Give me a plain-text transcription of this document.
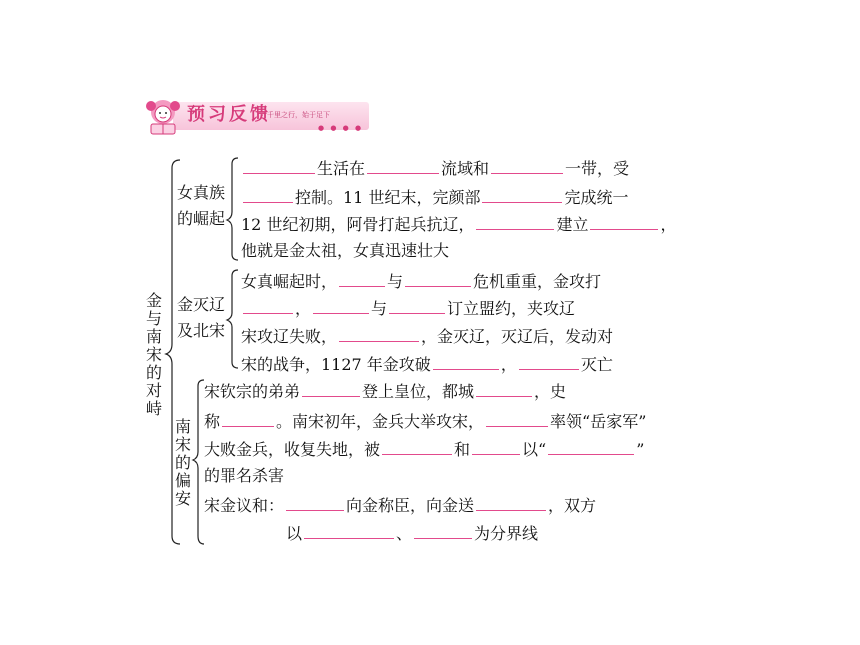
预习反馈
千里之行，始于足下
● ● ● ●
金与南宋的对峙
女真族
的崛起
金灭辽
及北宋
南宋的偏安
生活在	流域和	一带，受
控制。11 世纪末，完颜部	完成统一
12 世纪初期，阿骨打起兵抗辽，	建立	，
他就是金太祖，女真迅速壮大
女真崛起时，	与	危机重重，金攻打
，	与	订立盟约，夹攻辽
宋攻辽失败，	，金灭辽，灭辽后，发动对
宋的战争，1127 年金攻破	，	灭亡
宋钦宗的弟弟	登上皇位，都城	，史
称	。南宋初年，金兵大举攻宋，	率领“岳家军”
大败金兵，收复失地，被	和	以“	”
的罪名杀害
宋金议和：	向金称臣，向金送	，双方
以	、	为分界线
